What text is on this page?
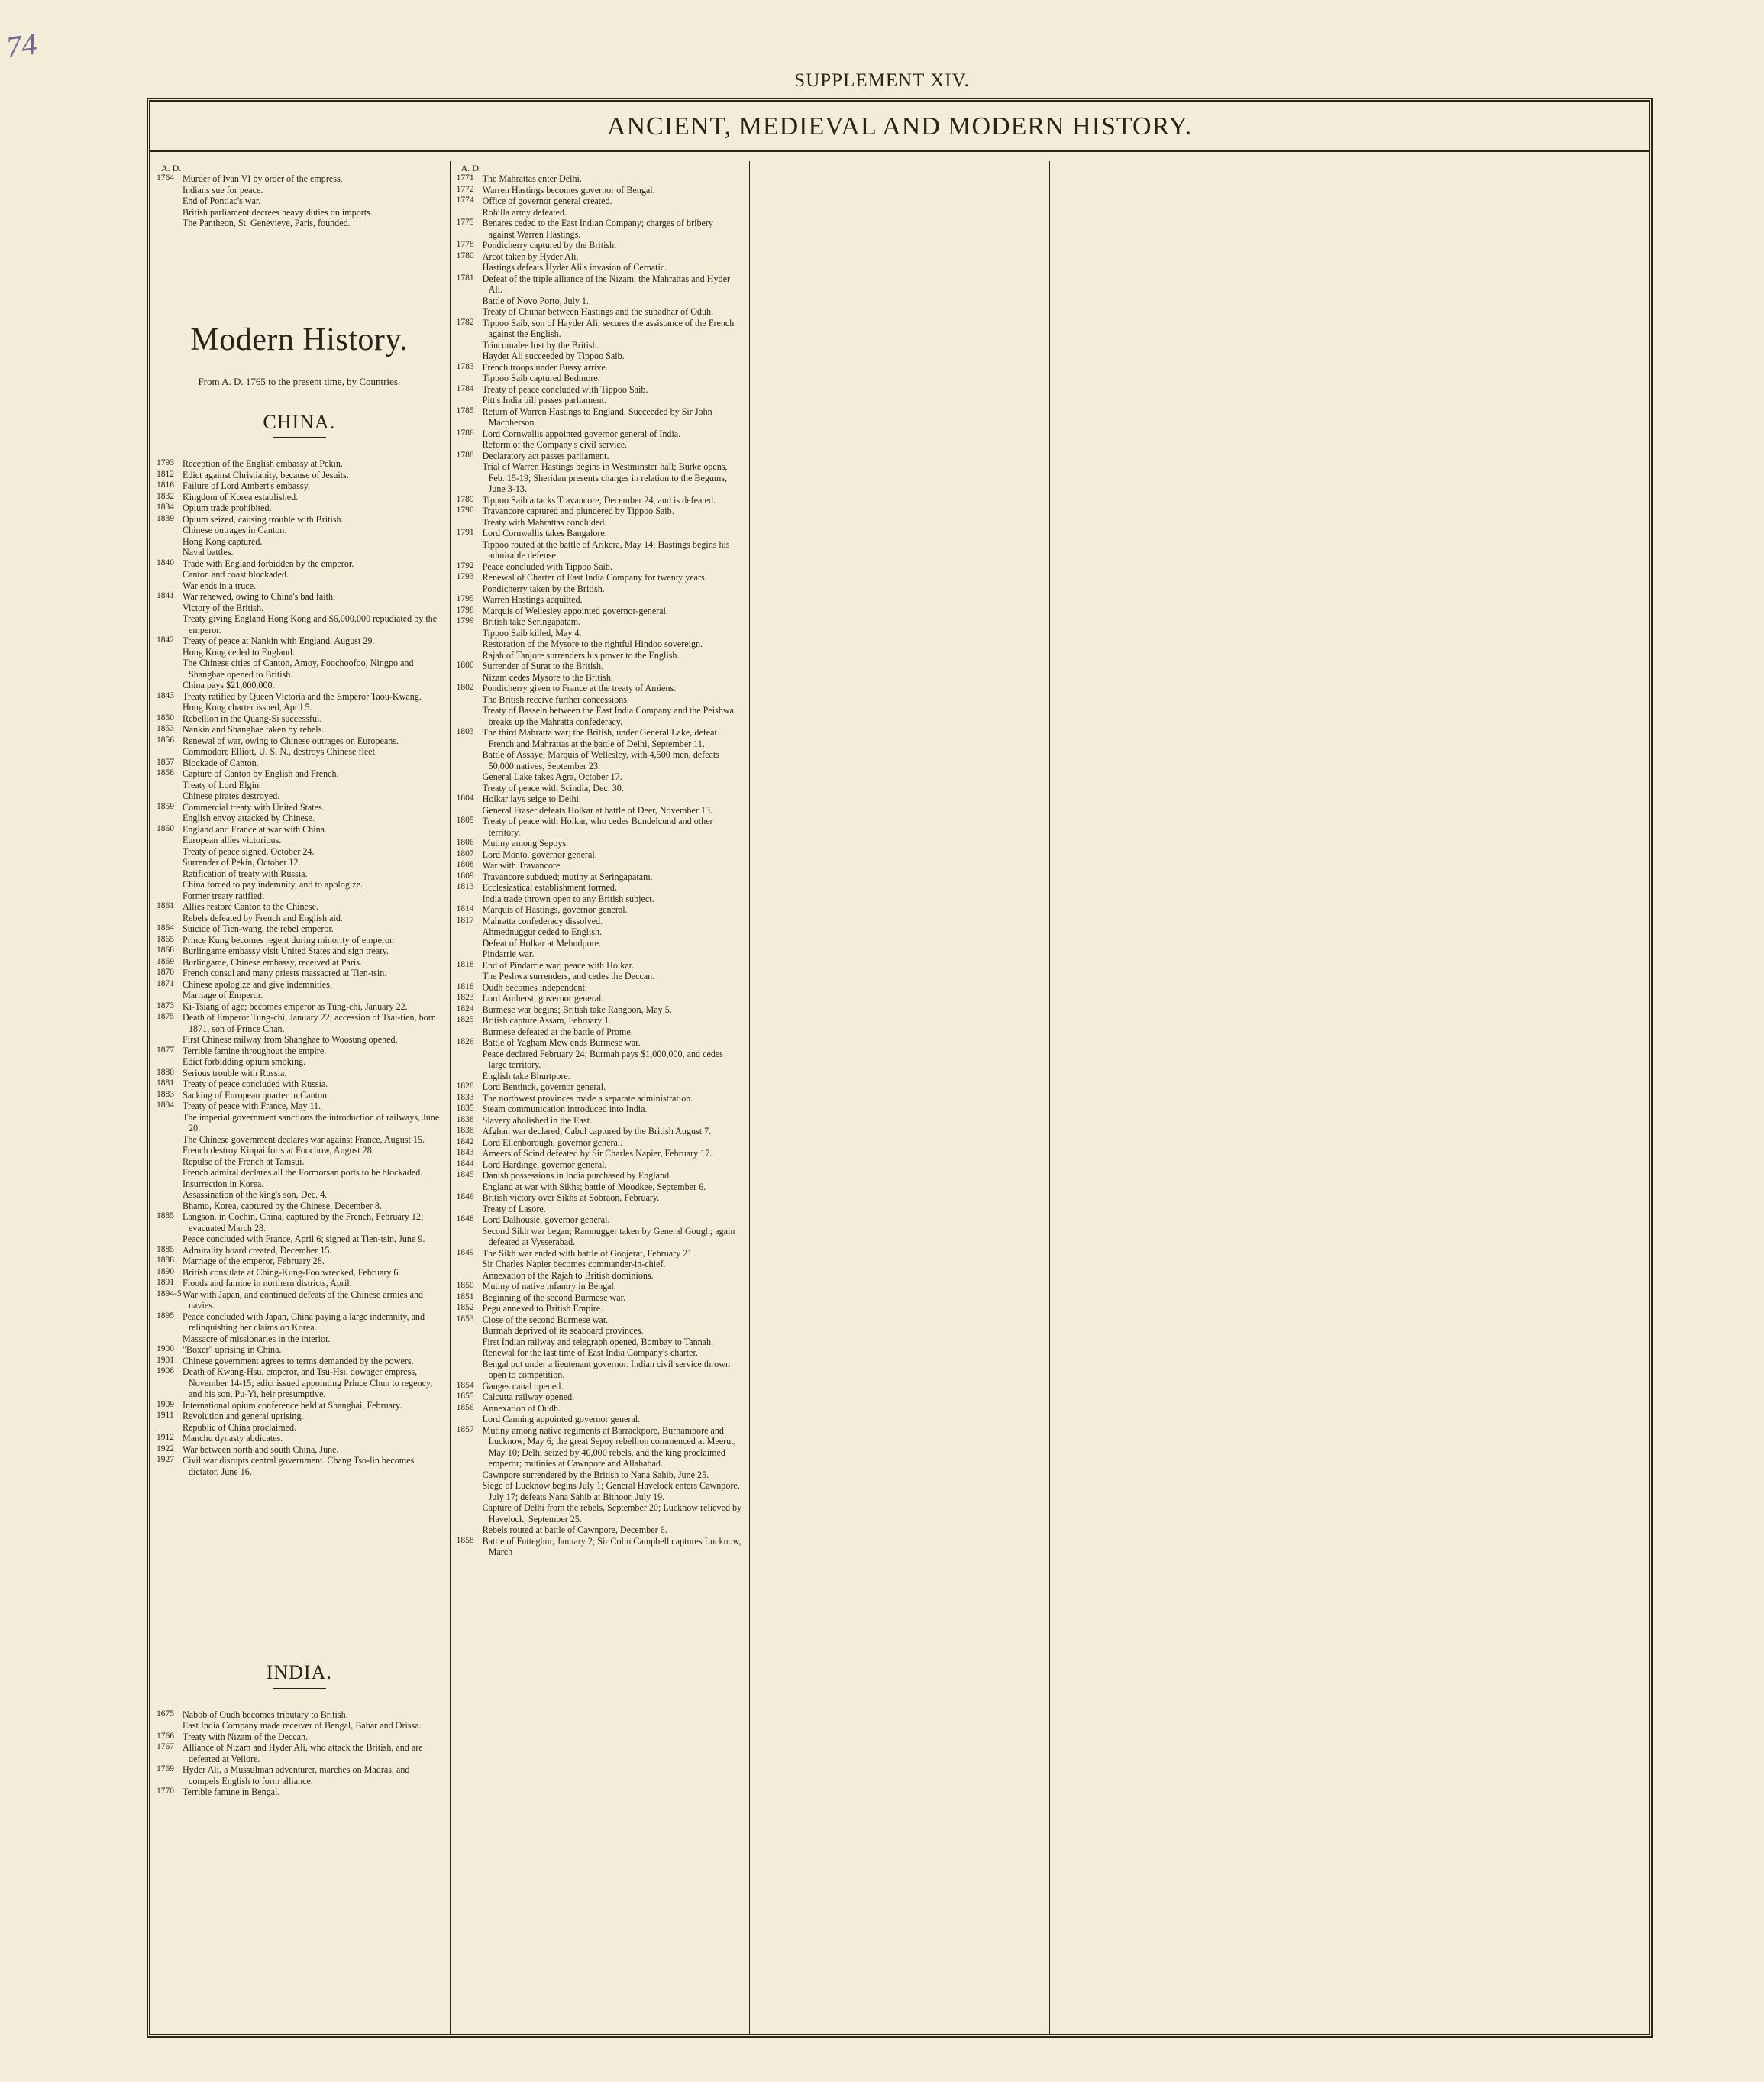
74
SUPPLEMENT XIV.
ANCIENT, MEDIEVAL AND MODERN HISTORY.
A. D.
1764 Murder of Ivan VI by order of the empress.
Indians sue for peace.
End of Pontiac's war.
British parliament decrees heavy duties on imports.
The Pantheon, St. Genevieve, Paris, founded.
Modern History.
From A. D. 1765 to the present time, by Countries.
CHINA.
1793 Reception of the English embassy at Pekin.
1812 Edict against Christianity, because of Jesuits.
1816 Failure of Lord Ambert's embassy.
1832 Kingdom of Korea established.
1834 Opium trade prohibited.
1839 Opium seized, causing trouble with British.
Chinese outrages in Canton.
Hong Kong captured.
Naval battles.
1840 Trade with England forbidden by the emperor.
Canton and coast blockaded.
War ends in a truce.
1841 War renewed, owing to China's bad faith.
Victory of the British.
Treaty giving England Hong Kong and $6,000,000 repudiated by the emperor.
1842 Treaty of peace at Nankin with England, August 29.
Hong Kong ceded to England.
The Chinese cities of Canton, Amoy, Foochoofoo, Ningpo and Shanghae opened to British.
China pays $21,000,000.
1843 Treaty ratified by Queen Victoria and the Emperor Taou-Kwang.
Hong Kong charter issued, April 5.
1850 Rebellion in the Quang-Si successful.
1853 Nankin and Shanghae taken by rebels.
1856 Renewal of war, owing to Chinese outrages on Europeans.
Commodore Elliott, U. S. N., destroys Chinese fleet.
1857 Blockade of Canton.
1858 Capture of Canton by English and French.
Treaty of Lord Elgin.
Chinese pirates destroyed.
1859 Commercial treaty with United States.
English envoy attacked by Chinese.
1860 England and France at war with China.
European allies victorious.
Treaty of peace signed, October 24.
Surrender of Pekin, October 12.
Ratification of treaty with Russia.
China forced to pay indemnity, and to apologize.
Former treaty ratified.
1861 Allies restore Canton to the Chinese.
Rebels defeated by French and English aid.
1864 Suicide of Tien-wang, the rebel emperor.
1865 Prince Kung becomes regent during minority of emperor.
1868 Burlingame embassy visit United States and sign treaty.
1869 Burlingame, Chinese embassy, received at Paris.
1870 French consul and many priests massacred at Tien-tsin.
1871 Chinese apologize and give indemnities.
Marriage of Emperor.
1873 Ki-Tsiang of age; becomes emperor as Tung-chi, January 22.
1875 Death of Emperor Tung-chi, January 22; accession of Tsai-tien, born 1871, son of Prince Chan.
First Chinese railway from Shanghae to Woosung opened.
1877 Terrible famine throughout the empire.
Edict forbidding opium smoking.
1880 Serious trouble with Russia.
1881 Treaty of peace concluded with Russia.
1883 Sacking of European quarter in Canton.
1884 Treaty of peace with France, May 11.
The imperial government sanctions the introduction of railways, June 20.
The Chinese government declares war against France, August 15.
French destroy Kinpai forts at Foochow, August 28.
Repulse of the French at Tamsui.
French admiral declares all the Formorsan ports to be blockaded.
Insurrection in Korea.
Assassination of the king's son, Dec. 4.
Bhamo, Korea, captured by the Chinese, December 8.
1885 Langson, in Cochin, China, captured by the French, February 12; evacuated March 28.
Peace concluded with France, April 6; signed at Tien-tsin, June 9.
1885 Admirality board created, December 15.
1888 Marriage of the emperor, February 28.
1890 British consulate at Ching-Kung-Foo wrecked, February 6.
1891 Floods and famine in northern districts, April.
1894-5 War with Japan, and continued defeats of the Chinese armies and navies.
1895 Peace concluded with Japan, China paying a large indemnity, and relinquishing her claims on Korea.
Massacre of missionaries in the interior.
1900 "Boxer" uprising in China.
1901 Chinese government agrees to terms demanded by the powers.
1908 Death of Kwang-Hsu, emperor, and Tsu-Hsi, dowager empress, November 14-15; edict issued appointing Prince Chun to regency, and his son, Pu-Yi, heir presumptive.
1909 International opium conference held at Shanghai, February.
1911 Revolution and general uprising.
Republic of China proclaimed.
1912 Manchu dynasty abdicates.
1922 War between north and south China, June.
1927 Civil war disrupts central government. Chang Tso-lin becomes dictator, June 16.
INDIA.
1675 Nabob of Oudh becomes tributary to British.
East India Company made receiver of Bengal, Bahar and Orissa.
1766 Treaty with Nizam of the Deccan.
1767 Alliance of Nizam and Hyder Ali, who attack the British, and are defeated at Vellore.
1769 Hyder Ali, a Mussulman adventurer, marches on Madras, and compels English to form alliance.
1770 Terrible famine in Bengal.
A. D.
1771 The Mahrattas enter Delhi.
1772 Warren Hastings becomes governor of Bengal.
1774 Office of governor general created.
Rohilla army defeated.
1775 Benares ceded to the East Indian Company; charges of bribery against Warren Hastings.
1778 Pondicherry captured by the British.
1780 Arcot taken by Hyder Ali.
Hastings defeats Hyder Ali's invasion of Cernatic.
1781 Defeat of the triple alliance of the Nizam, the Mahrattas and Hyder Ali.
Battle of Novo Porto, July 1.
Treaty of Chunar between Hastings and the subadhar of Oduh.
1782 Tippoo Saib, son of Hayder Ali, secures the assistance of the French against the English.
Trincomalee lost by the British.
Hayder Ali succeeded by Tippoo Saib.
1783 French troops under Bussy arrive.
Tippoo Saib captured Bedmore.
1784 Treaty of peace concluded with Tippoo Saib.
Pitt's India bill passes parliament.
1785 Return of Warren Hastings to England. Succeeded by Sir John Macpherson.
1786 Lord Cornwallis appointed governor general of India.
Reform of the Company's civil service.
1788 Declaratory act passes parliament.
Trial of Warren Hastings begins in Westminster hall; Burke opens, Feb. 15-19; Sheridan presents charges in relation to the Begums, June 3-13.
1789 Tippoo Saib attacks Travancore, December 24, and is defeated.
1790 Travancore captured and plundered by Tippoo Saib.
Treaty with Mahrattas concluded.
1791 Lord Cornwallis takes Bangalore.
Tippoo routed at the battle of Arikera, May 14; Hastings begins his admirable defense.
1792 Peace concluded with Tippoo Saib.
1793 Renewal of Charter of East India Company for twenty years.
Pondicherry taken by the British.
1795 Warren Hastings acquitted.
1798 Marquis of Wellesley appointed governor-general.
1799 British take Seringapatam.
Tippoo Saib killed, May 4.
Restoration of the Mysore to the rightful Hindoo sovereign.
Rajah of Tanjore surrenders his power to the English.
1800 Surrender of Surat to the British.
Nizam cedes Mysore to the British.
1802 Pondicherry given to France at the treaty of Amiens.
The British receive further concessions.
Treaty of Basseln between the East India Company and the Peishwa breaks up the Mahratta confederacy.
1803 The third Mahratta war; the British, under General Lake, defeat French and Mahrattas at the battle of Delhi, September 11.
Battle of Assaye; Marquis of Wellesley, with 4,500 men, defeats 50,000 natives, September 23.
General Lake takes Agra, October 17.
Treaty of peace with Scindia, Dec. 30.
1804 Holkar lays seige to Delhi.
General Fraser defeats Holkar at battle of Deer, November 13.
1805 Treaty of peace with Holkar, who cedes Bundelcund and other territory.
1806 Mutiny among Sepoys.
1807 Lord Monto, governor general.
1808 War with Travancore.
1809 Travancore subdued; mutiny at Seringapatam.
1813 Ecclesiastical establishment formed.
India trade thrown open to any British subject.
1814 Marquis of Hastings, governor general.
1817 Mahratta confederacy dissolved.
Ahmednuggur ceded to English.
Defeat of Holkar at Mehudpore.
Pindarrie war.
1818 End of Pindarrie war; peace with Holkar.
The Peshwa surrenders, and cedes the Deccan.
1818 Oudh becomes independent.
1823 Lord Amherst, governor general.
1824 Burmese war begins; British take Rangoon, May 5.
1825 British capture Assam, February 1.
Burmese defeated at the battle of Prome.
1826 Battle of Yagham Mew ends Burmese war.
Peace declared February 24; Burmah pays $1,000,000, and cedes large territory.
English take Bhurtpore.
1828 Lord Bentinck, governor general.
1833 The northwest provinces made a separate administration.
1835 Steam communication introduced into India.
1838 Slavery abolished in the East.
1838 Afghan war declared; Cabul captured by the British August 7.
1842 Lord Ellenborough, governor general.
1843 Ameers of Scind defeated by Sir Charles Napier, February 17.
1844 Lord Hardinge, governor general.
1845 Danish possessions in India purchased by England.
England at war with Sikhs; battle of Moodkee, September 6.
1846 British victory over Sikhs at Sobraon, February.
Treaty of Lasore.
1848 Lord Dalhousie, governor general.
Second Sikh war began; Ramnugger taken by General Gough; again defeated at Vysserabad.
1849 The Sikh war ended with battle of Goojerat, February 21.
Sir Charles Napier becomes commander-in-chief.
Annexation of the Rajah to British dominions.
1850 Mutiny of native infantry in Bengal.
1851 Beginning of the second Burmese war.
1852 Pegu annexed to British Empire.
1853 Close of the second Burmese war.
Burmah deprived of its seaboard provinces.
First Indian railway and telegraph opened, Bombay to Tannah.
Renewal for the last time of East India Company's charter.
Bengal put under a lieutenant governor. Indian civil service thrown open to competition.
1854 Ganges canal opened.
1855 Calcutta railway opened.
1856 Annexation of Oudh.
Lord Canning appointed governor general.
1857 Mutiny among native regiments at Barrackpore, Burhampore and Lucknow, May 6; the great Sepoy rebellion commenced at Meerut, May 10; Delhi seized by 40,000 rebels, and the king proclaimed emperor; mutinies at Cawnpore and Allahabad.
Cawnpore surrendered by the British to Nana Sahib, June 25.
Siege of Lucknow begins July 1; General Havelock enters Cawnpore, July 17; defeats Nana Sahib at Bithoor, July 19.
Capture of Delhi from the rebels, September 20; Lucknow relieved by Havelock, September 25.
Rebels routed at battle of Cawnpore, December 6.
1858 Battle of Futteghur, January 2; Sir Colin Campbell captures Lucknow, March
